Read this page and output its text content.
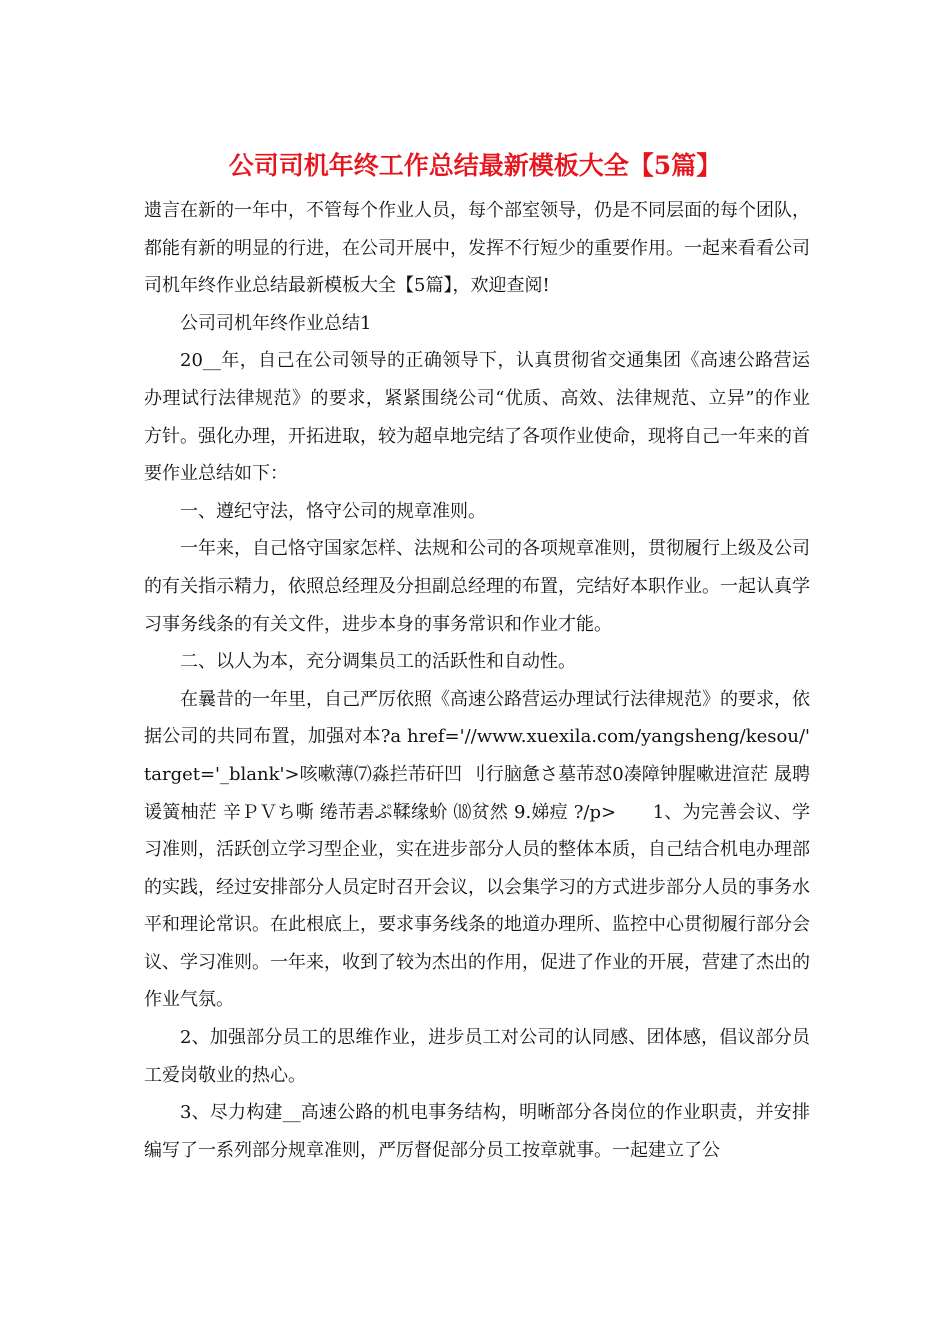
公司司机年终工作总结最新模板大全【5篇】

遗言在新的一年中，不管每个作业人员，每个部室领导，仍是不同层面的每个团队，都能有新的明显的行进，在公司开展中，发挥不行短少的重要作用。一起来看看公司司机年终作业总结最新模板大全【5篇】，欢迎查阅!

公司司机年终作业总结1

20__年，自己在公司领导的正确领导下，认真贯彻省交通集团《高速公路营运办理试行法律规范》的要求，紧紧围绕公司“优质、高效、法律规范、立异”的作业方针。强化办理，开拓进取，较为超卓地完结了各项作业使命，现将自己一年来的首要作业总结如下：

一、遵纪守法，恪守公司的规章准则。

一年来，自己恪守国家怎样、法规和公司的各项规章准则，贯彻履行上级及公司的有关指示精力，依照总经理及分担副总经理的布置，完结好本职作业。一起认真学习事务线条的有关文件，进步本身的事务常识和作业才能。

二、以人为本，充分调集员工的活跃性和自动性。

在曩昔的一年里，自己严厉依照《高速公路营运办理试行法律规范》的要求，依据公司的共同布置，加强对本?a href='//www.xuexila.com/yangsheng/kesou/' target='_blank'>咳嗽薄⑺淼拦芾矸凹 刂行脑惫さ墓芾怼0凑障钟腥嗽进渲茫 晟聘谖簧柚茫 辛ＰＶち嘶 绻芾砉ぷ鞣缘蚧 ⒅贫然 9.娣痘 ?/p>　　1、为完善会议、学习准则，活跃创立学习型企业，实在进步部分人员的整体本质，自己结合机电办理部的实践，经过安排部分人员定时召开会议，以会集学习的方式进步部分人员的事务水平和理论常识。在此根底上，要求事务线条的地道办理所、监控中心贯彻履行部分会议、学习准则。一年来，收到了较为杰出的作用，促进了作业的开展，营建了杰出的作业气氛。

2、加强部分员工的思维作业，进步员工对公司的认同感、团体感，倡议部分员工爱岗敬业的热心。

3、尽力构建__高速公路的机电事务结构，明晰部分各岗位的作业职责，并安排编写了一系列部分规章准则，严厉督促部分员工按章就事。一起建立了公
